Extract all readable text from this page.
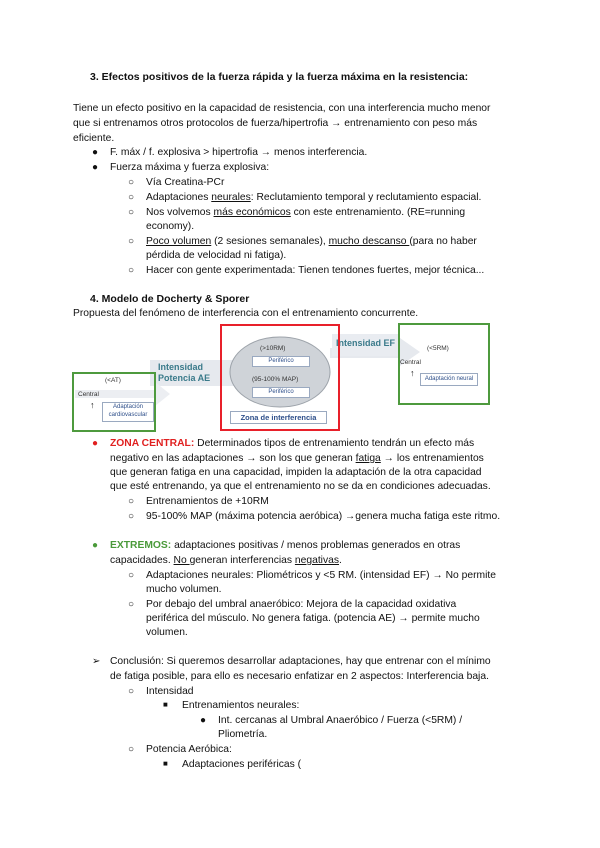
3. Efectos positivos de la fuerza rápida y la fuerza máxima en la resistencia:
Tiene un efecto positivo en la capacidad de resistencia, con una interferencia mucho menor
que si entrenamos otros protocolos de fuerza/hipertrofia → entrenamiento con peso más
eficiente.
● F. máx / f. explosiva > hipertrofia → menos interferencia.
● Fuerza máxima y fuerza explosiva:
○ Vía Creatina-PCr
○ Adaptaciones neurales: Reclutamiento temporal y reclutamiento espacial.
○ Nos volvemos más económicos con este entrenamiento. (RE=running
economy).
○ Poco volumen (2 sesiones semanales), mucho descanso (para no haber
pérdida de velocidad ni fatiga).
○ Hacer con gente experimentada: Tienen tendones fuertes, mejor técnica...
4. Modelo de Docherty & Sporer
Propuesta del fenómeno de interferencia con el entrenamiento concurrente.
Intensidad EF
Intensidad
Potencia AE
(>10RM)
Periférico
(95-100% MAP)
Periférico
Zona de interferencia
(<AT)
Central
↑	Adaptación
cardiovascular
(<5RM)
Central
↑
Adaptación neural
● ZONA CENTRAL: Determinados tipos de entrenamiento tendrán un efecto más
negativo en las adaptaciones → son los que generan fatiga → los entrenamientos
que generan fatiga en una capacidad, impiden la adaptación de la otra capacidad
que esté entrenando, ya que el entrenamiento no se da en condiciones adecuadas.
○ Entrenamientos de +10RM
○ 95-100% MAP (máxima potencia aeróbica) →genera mucha fatiga este ritmo.
● EXTREMOS: adaptaciones positivas / menos problemas generados en otras
capacidades. No generan interferencias negativas.
○ Adaptaciones neurales: Pliométricos y <5 RM. (intensidad EF) → No permite
mucho volumen.
○ Por debajo del umbral anaeróbico: Mejora de la capacidad oxidativa
periférica del músculo. No genera fatiga. (potencia AE) → permite mucho
volumen.
➢ Conclusión: Si queremos desarrollar adaptaciones, hay que entrenar con el mínimo
de fatiga posible, para ello es necesario enfatizar en 2 aspectos: Interferencia baja.
○ Intensidad
■ Entrenamientos neurales:
● Int. cercanas al Umbral Anaeróbico / Fuerza (<5RM) /
Pliometría.
○ Potencia Aeróbica:
■ Adaptaciones periféricas (
